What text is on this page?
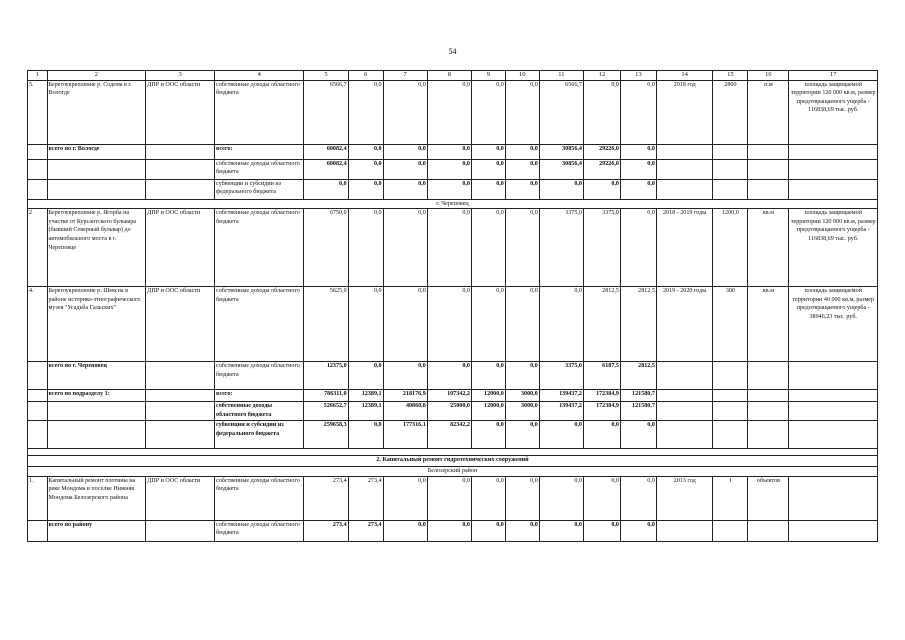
54
1	2	3	4	5	6	7	8	9	10	11	12	13	14	15	16	17
5.	Берегоукрепление р. Содема в г. Вологде	ДПР и ООС области	собственные доходы областного бюджета	6566,7	0,0	0,0	0,0	0,0	0,0	6566,7	0,0	0,0	2018 год	2800	п.м	площадь защищаемой территории 120 000 кв.м, размер предотвращаемого ущерба - 116838,69 тыс. руб.
	всего по г. Вологде		всего:	60082,4	0,0	0,0	0,0	0,0	0,0	30856,4	29226,0	0,0				
			собственные доходы областного бюджета	60082,4	0,0	0,0	0,0	0,0	0,0	30856,4	29226,0	0,0				
			субвенции и субсидии из федерального бюджета	0,0	0,0	0,0	0,0	0,0	0,0	0,0	0,0	0,0				
г. Череповец																
2	Берегоукрепление р. Ягорба на участке от Курсантского бульвара (бывший Северный бульвар) до автомобильного моста в г. Череповце	ДПР и ООС области	собственные доходы областного бюджета	6750,0	0,0	0,0	0,0	0,0	0,0	3375,0	3375,0	0,0	2018 - 2019 годы	1200,0	кв.м	площадь защищаемой территории 120 000 кв.м, размер предотвращаемого ущерба - 116838,69 тыс. руб.
4.	Берегоукрепление р. Шексна в районе историко-этнографического музея "Усадьба Гальских"	ДПР и ООС области	собственные доходы областного бюджета	5625,0	0,0	0,0	0,0	0,0	0,0	0,0	2812,5	2812,5	2019 - 2020 годы	300	кв.м	площадь защищаемой территории 40 000 кв.м, размер предотвращаемого ущерба - 38946,23 тыс. руб.
	всего по г. Череповец		собственные доходы областного бюджета	12375,0	0,0	0,0	0,0	0,0	0,0	3375,0	6187,5	2812,5				
	всего по подразделу 1:		всего:	786311,0	12389,1	218176,9	107342,2	12000,0	3000,0	139437,2	172384,9	121580,7				
			собственные доходы областного бюджета	526652,7	12389,1	40860,8	25000,0	12000,0	3000,0	139437,2	172384,9	121580,7				
			субвенции и субсидии из федерального бюджета	259658,3	0,0	177316,1	82342,2	0,0	0,0	0,0	0,0	0,0				

2. Капитальный ремонт гидротехнических сооружений																
Белозерский район																
1.	Капитальный ремонт плотины на реке Мондома в поселке Нижняя Мондома Белозерского района	ДПР и ООС области	собственные доходы областного бюджета	273,4	273,4	0,0	0,0	0,0	0,0	0,0	0,0	0,0	2013 год	1	объектов	
	всего по району		собственные доходы областного бюджета	273,4	273,4	0,0	0,0	0,0	0,0	0,0	0,0	0,0				
